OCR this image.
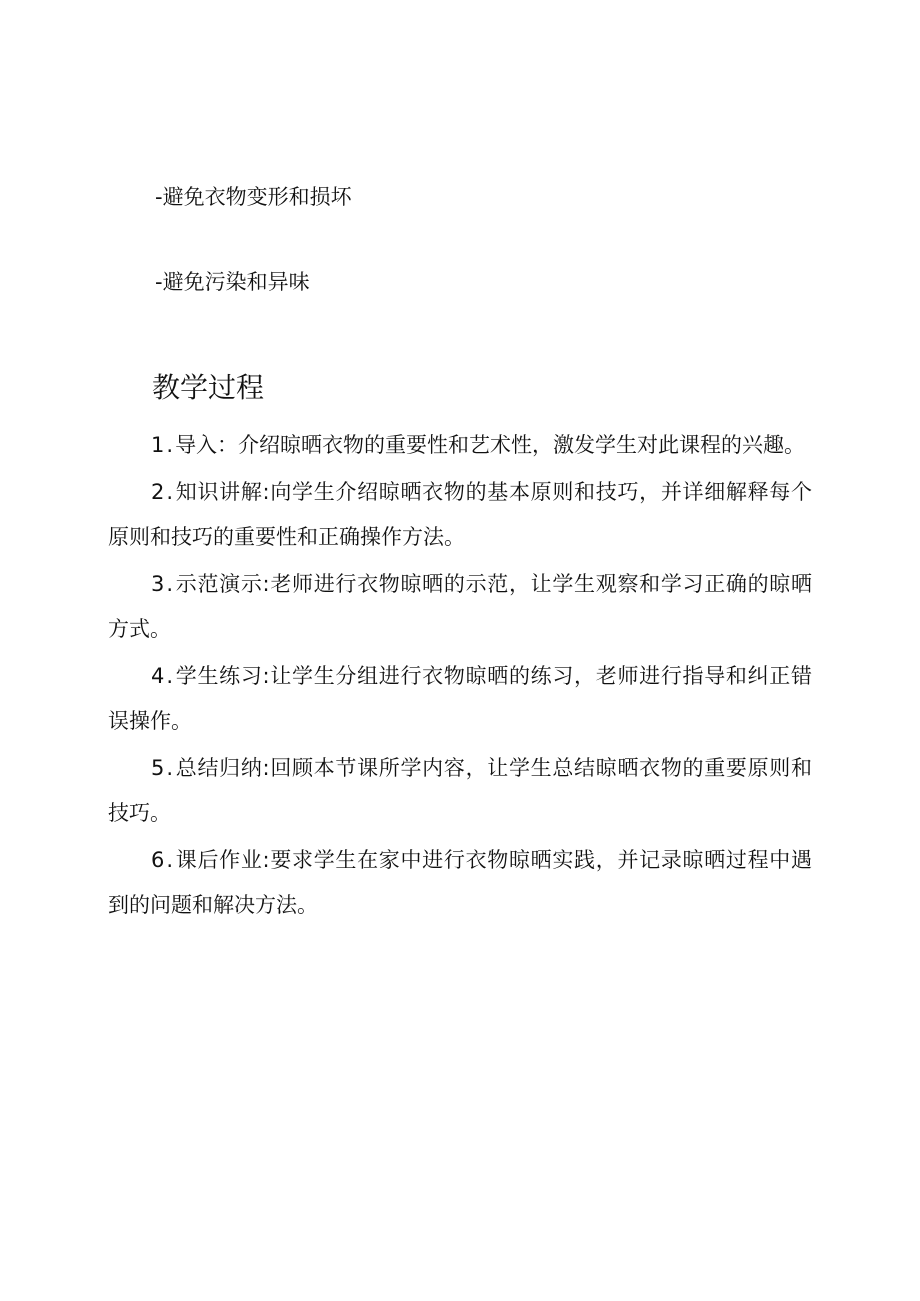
-避免衣物变形和损坏
-避免污染和异味
教学过程

1.导入：介绍晾晒衣物的重要性和艺术性，激发学生对此课程的兴趣。

2.知识讲解:向学生介绍晾晒衣物的基本原则和技巧，并详细解释每个原则和技巧的重要性和正确操作方法。

3.示范演示:老师进行衣物晾晒的示范，让学生观察和学习正确的晾晒方式。

4.学生练习:让学生分组进行衣物晾晒的练习，老师进行指导和纠正错误操作。

5.总结归纳:回顾本节课所学内容，让学生总结晾晒衣物的重要原则和技巧。

6.课后作业:要求学生在家中进行衣物晾晒实践，并记录晾晒过程中遇到的问题和解决方法。
